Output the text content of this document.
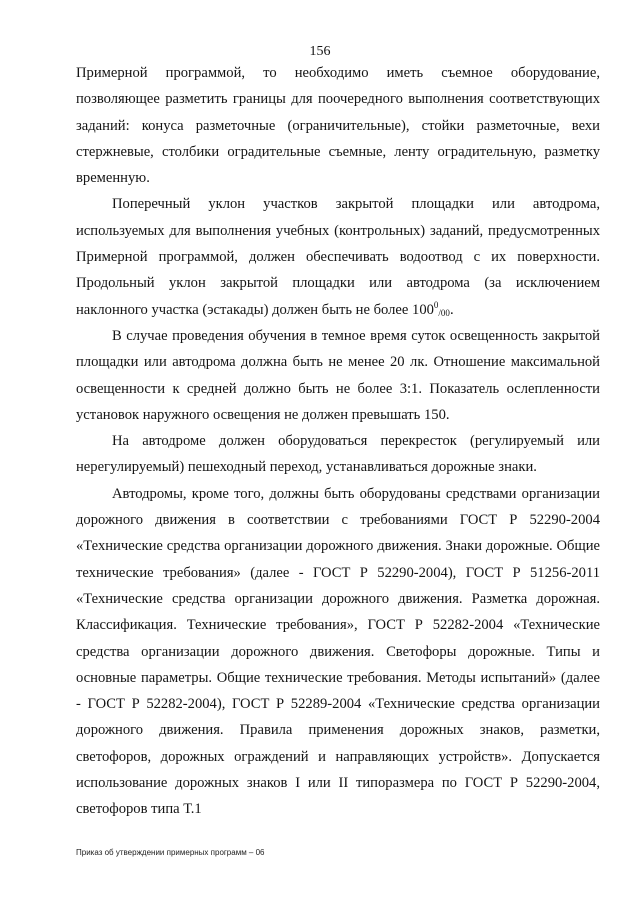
156

Примерной программой, то необходимо иметь съемное оборудование, позволяющее разметить границы для поочередного выполнения соответствующих заданий: конуса разметочные (ограничительные), стойки разметочные, вехи стержневые, столбики оградительные съемные, ленту оградительную, разметку временную.

Поперечный уклон участков закрытой площадки или автодрома, используемых для выполнения учебных (контрольных) заданий, предусмотренных Примерной программой, должен обеспечивать водоотвод с их поверхности. Продольный уклон закрытой площадки или автодрома (за исключением наклонного участка (эстакады) должен быть не более $100^0_{/00}$.

В случае проведения обучения в темное время суток освещенность закрытой площадки или автодрома должна быть не менее 20 лк. Отношение максимальной освещенности к средней должно быть не более 3:1. Показатель ослепленности установок наружного освещения не должен превышать 150.

На автодроме должен оборудоваться перекресток (регулируемый или нерегулируемый) пешеходный переход, устанавливаться дорожные знаки.

Автодромы, кроме того, должны быть оборудованы средствами организации дорожного движения в соответствии с требованиями ГОСТ Р 52290-2004 «Технические средства организации дорожного движения. Знаки дорожные. Общие технические требования» (далее - ГОСТ Р 52290-2004), ГОСТ Р 51256-2011 «Технические средства организации дорожного движения. Разметка дорожная. Классификация. Технические требования», ГОСТ Р 52282-2004 «Технические средства организации дорожного движения. Светофоры дорожные. Типы и основные параметры. Общие технические требования. Методы испытаний» (далее - ГОСТ Р 52282-2004), ГОСТ Р 52289-2004 «Технические средства организации дорожного движения. Правила применения дорожных знаков, разметки, светофоров, дорожных ограждений и направляющих устройств». Допускается использование дорожных знаков I или II типоразмера по ГОСТ Р 52290-2004, светофоров типа Т.1

Приказ об утверждении примерных программ – 06
